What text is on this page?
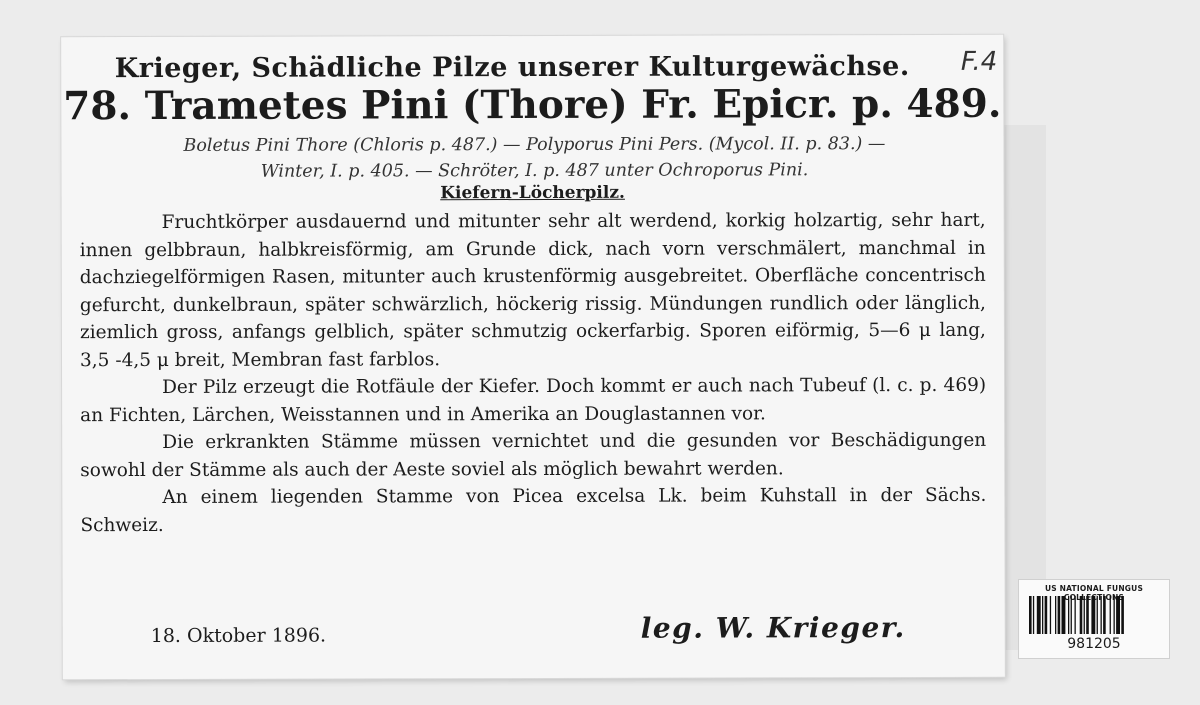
Krieger, Schädliche Pilze unserer Kulturgewächse.	F.4
78. Trametes Pini (Thore) Fr. Epicr. p. 489.
Boletus Pini Thore (Chloris p. 487.) — Polyporus Pini Pers. (Mycol. II. p. 83.) —
Winter, I. p. 405. — Schröter, I. p. 487 unter Ochroporus Pini.
Kiefern-Löcherpilz.

Fruchtkörper ausdauernd und mitunter sehr alt werdend, korkig holzartig, sehr hart, innen gelbbraun, halbkreisförmig, am Grunde dick, nach vorn verschmälert, manchmal in dachziegelförmigen Rasen, mitunter auch krustenförmig ausgebreitet. Oberfläche concentrisch gefurcht, dunkelbraun, später schwärzlich, höckerig rissig. Mündungen rundlich oder länglich, ziemlich gross, anfangs gelblich, später schmutzig ockerfarbig. Sporen eiförmig, 5—6 μ lang, 3,5 -4,5 μ breit, Membran fast farblos.

Der Pilz erzeugt die Rotfäule der Kiefer. Doch kommt er auch nach Tubeuf (l. c. p. 469) an Fichten, Lärchen, Weisstannen und in Amerika an Douglastannen vor.

Die erkrankten Stämme müssen vernichtet und die gesunden vor Beschädigungen sowohl der Stämme als auch der Aeste soviel als möglich bewahrt werden.

An einem liegenden Stamme von Picea excelsa Lk. beim Kuhstall in der Sächs. Schweiz.

18. Oktober 1896.	leg. W. Krieger.
US NATIONAL FUNGUS
981205
